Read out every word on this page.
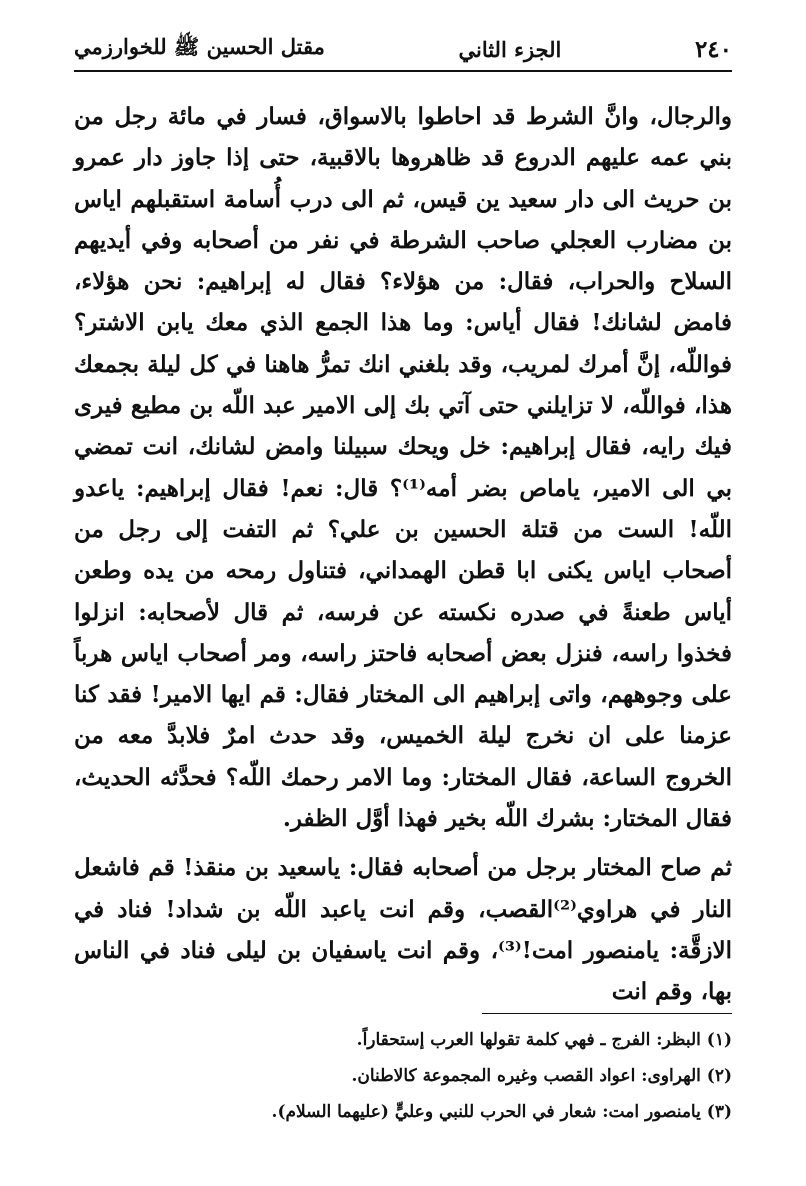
٢٤٠
الجزء الثاني
مقتل الحسين ﷺ للخوارزمي

والرجال، وانَّ الشرط قد احاطوا بالاسواق، فسار في مائة رجل من بني عمه عليهم الدروع قد ظاهروها بالاقبية، حتى إذا جاوز دار عمرو بن حريث الى دار سعيد ين قيس، ثم الى درب أُسامة استقبلهم اياس بن مضارب العجلي صاحب الشرطة في نفر من أصحابه وفي أيديهم السلاح والحراب، فقال: من هؤلاء؟ فقال له إبراهيم: نحن هؤلاء، فامض لشانك! فقال أياس: وما هذا الجمع الذي معك يابن الاشتر؟ فواللّه، إنَّ أمرك لمريب، وقد بلغني انك تمرُّ هاهنا في كل ليلة بجمعك هذا، فواللّه، لا تزايلني حتى آتي بك إلى الامير عبد اللّه بن مطيع فيرى فيك رايه، فقال إبراهيم: خل ويحك سبيلنا وامض لشانك، انت تمضي بي الى الامير، ياماص بضر أمه⁽¹⁾؟ قال: نعم! فقال إبراهيم: ياعدو اللّه! الست من قتلة الحسين بن علي؟ ثم التفت إلى رجل من أصحاب اياس يكنى ابا قطن الهمداني، فتناول رمحه من يده وطعن أياس طعنةً في صدره نكسته عن فرسه، ثم قال لأصحابه: انزلوا فخذوا راسه، فنزل بعض أصحابه فاحتز راسه، ومر أصحاب اياس هرباً على وجوههم، واتى إبراهيم الى المختار فقال: قم ايها الامير! فقد كنا عزمنا على ان نخرج ليلة الخميس، وقد حدث امرٌ فلابدَّ معه من الخروج الساعة، فقال المختار: وما الامر رحمك اللّه؟ فحدَّثه الحديث، فقال المختار: بشرك اللّه بخير فهذا أوَّل الظفر.

ثم صاح المختار برجل من أصحابه فقال: ياسعيد بن منقذ! قم فاشعل النار في هراوي⁽²⁾القصب، وقم انت ياعبد اللّه بن شداد! فناد في الازقَّة: يامنصور امت!⁽³⁾، وقم انت ياسفيان بن ليلى فناد في الناس بها، وقم انت

(١) البظر: الفرج ـ فهي كلمة تقولها العرب إستحقاراً.
(٢) الهراوى: اعواد القصب وغيره المجموعة كالاطنان.
(٣) يامنصور امت: شعار في الحرب للنبي وعليٍّ (عليهما السلام).
